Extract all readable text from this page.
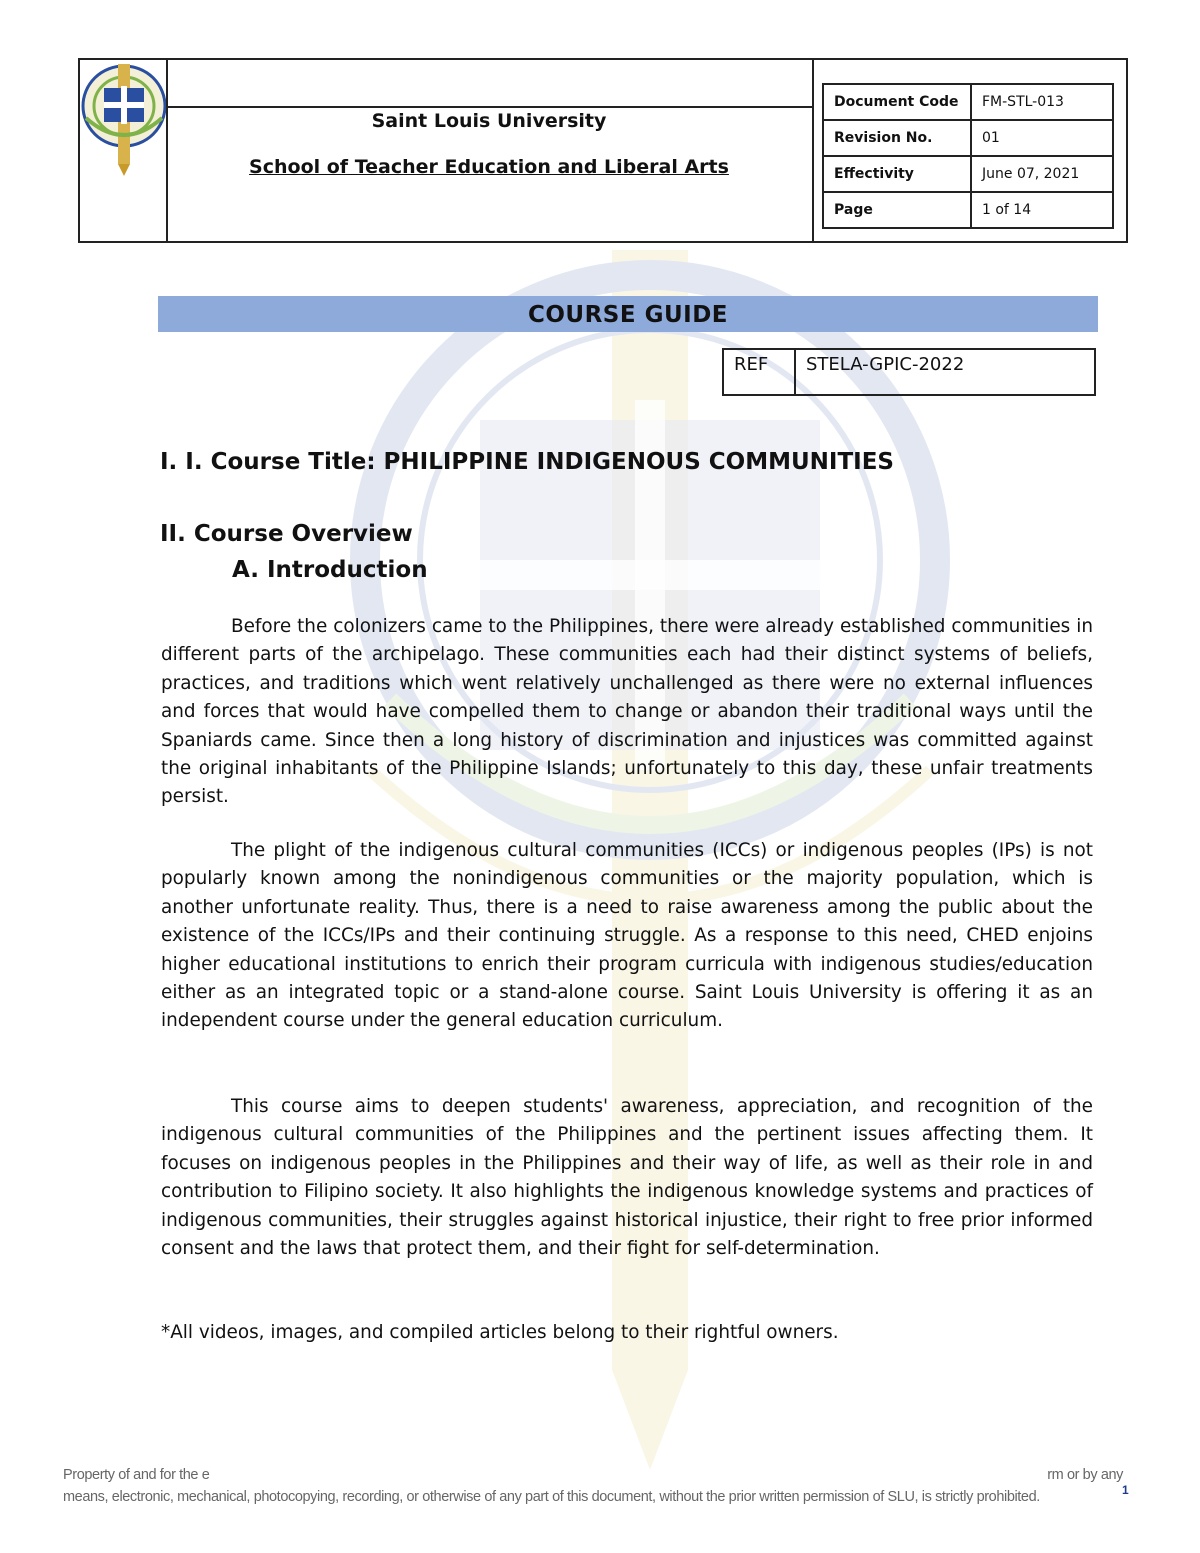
Saint Louis University
School of Teacher Education and Liberal Arts
Document Code	FM-STL-013
Revision No.	01
Effectivity	June 07, 2021
Page	1 of 14
COURSE GUIDE
REF	STELA-GPIC-2022
I. I. Course Title: PHILIPPINE INDIGENOUS COMMUNITIES
II. Course Overview
A. Introduction

Before the colonizers came to the Philippines, there were already established communities in different parts of the archipelago. These communities each had their distinct systems of beliefs, practices, and traditions which went relatively unchallenged as there were no external influences and forces that would have compelled them to change or abandon their traditional ways until the Spaniards came. Since then a long history of discrimination and injustices was committed against the original inhabitants of the Philippine Islands; unfortunately to this day, these unfair treatments persist.

The plight of the indigenous cultural communities (ICCs) or indigenous peoples (IPs) is not popularly known among the nonindigenous communities or the majority population, which is another unfortunate reality. Thus, there is a need to raise awareness among the public about the existence of the ICCs/IPs and their continuing struggle. As a response to this need, CHED enjoins higher educational institutions to enrich their program curricula with indigenous studies/education either as an integrated topic or a stand-alone course. Saint Louis University is offering it as an independent course under the general education curriculum.

This course aims to deepen students' awareness, appreciation, and recognition of the indigenous cultural communities of the Philippines and the pertinent issues affecting them. It focuses on indigenous peoples in the Philippines and their way of life, as well as their role in and contribution to Filipino society. It also highlights the indigenous knowledge systems and practices of indigenous communities, their struggles against historical injustice, their right to free prior informed consent and the laws that protect them, and their fight for self-determination.

*All videos, images, and compiled articles belong to their rightful owners.
Property of and for the e	rm or by any
means, electronic, mechanical, photocopying, recording, or otherwise of any part of this document, without the prior written permission of SLU, is strictly prohibited.	1
